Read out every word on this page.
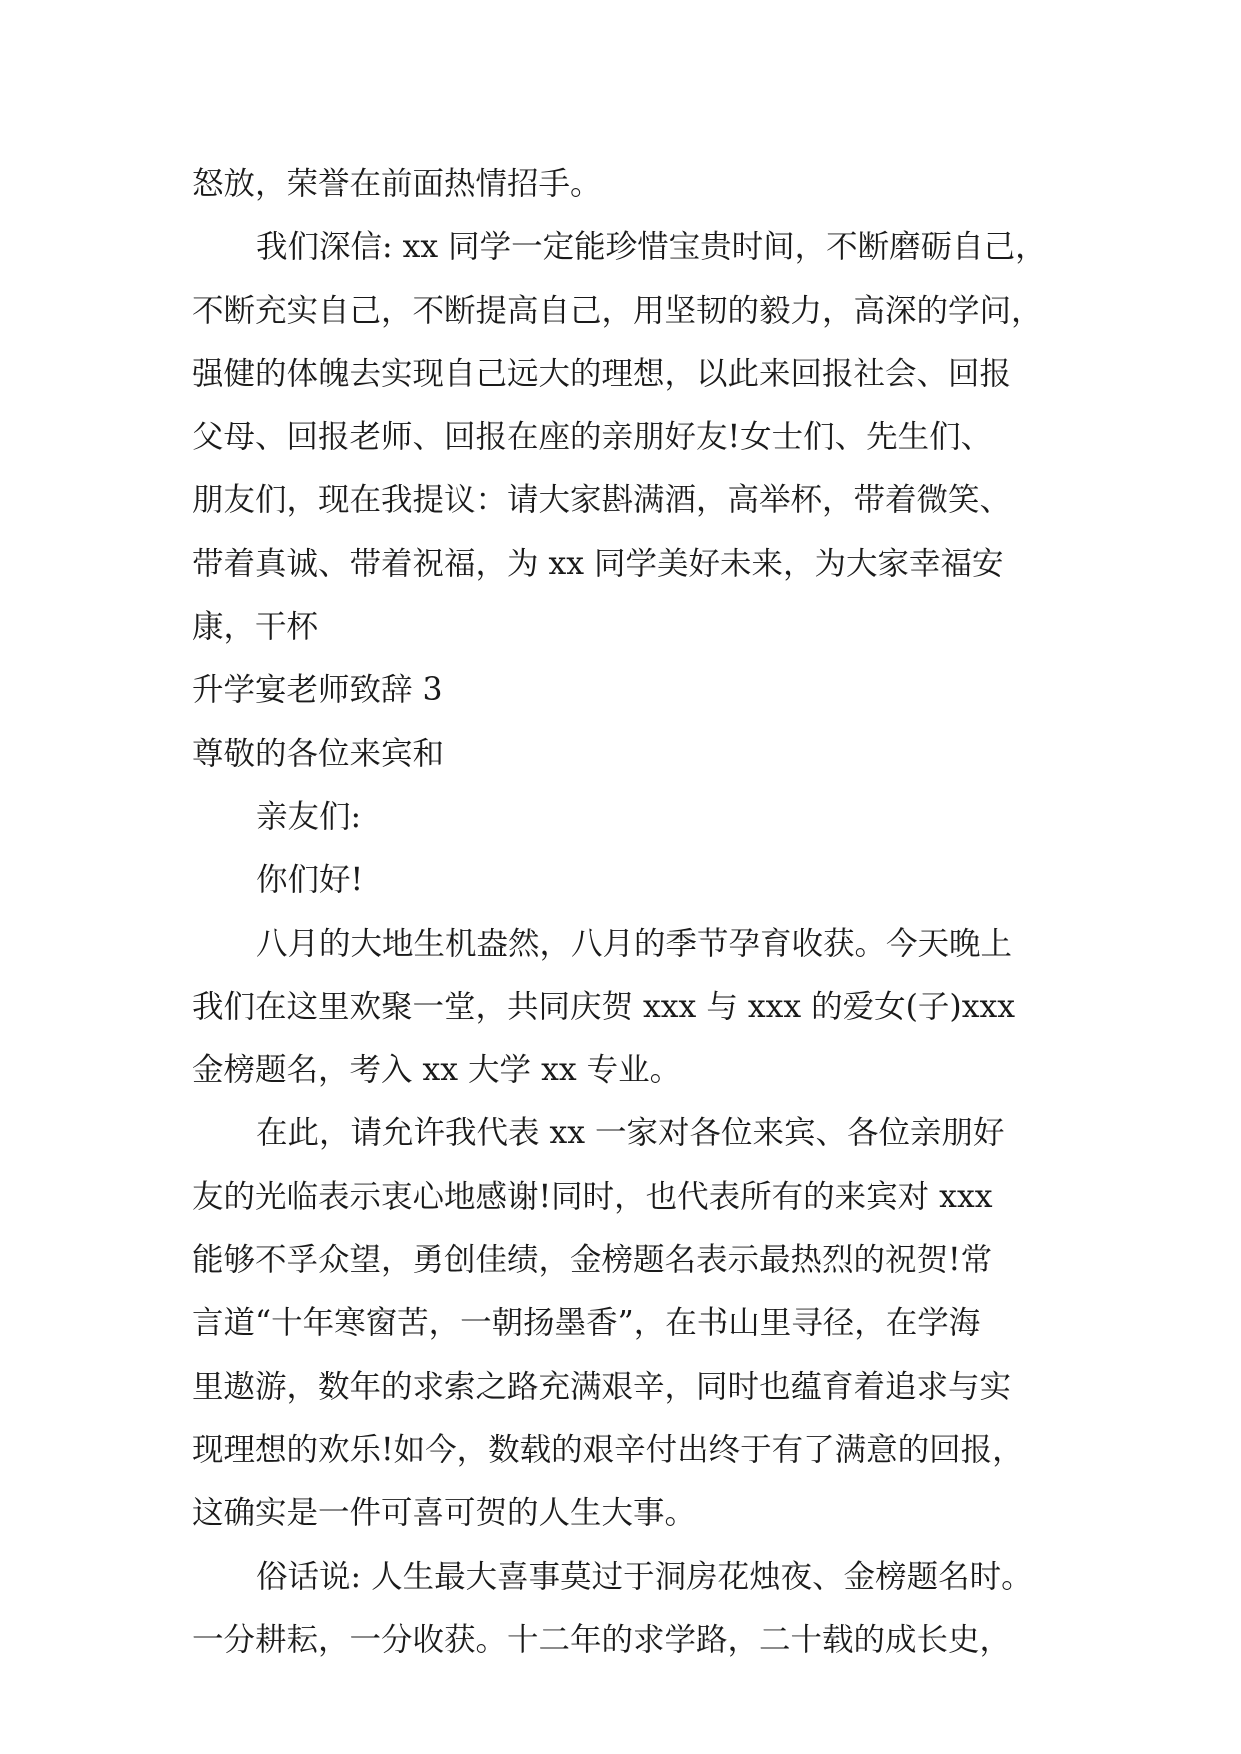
怒放，荣誉在前面热情招手。
我们深信: xx 同学一定能珍惜宝贵时间，不断磨砺自己，
不断充实自己，不断提高自己，用坚韧的毅力，高深的学问，
强健的体魄去实现自己远大的理想，以此来回报社会、回报
父母、回报老师、回报在座的亲朋好友!女士们、先生们、
朋友们，现在我提议：请大家斟满酒，高举杯，带着微笑、
带着真诚、带着祝福，为 xx 同学美好未来，为大家幸福安
康，干杯
升学宴老师致辞 3
尊敬的各位来宾和
亲友们:
你们好!
八月的大地生机盎然，八月的季节孕育收获。今天晚上
我们在这里欢聚一堂，共同庆贺 xxx 与 xxx 的爱女(子)xxx
金榜题名，考入 xx 大学 xx 专业。
在此，请允许我代表 xx 一家对各位来宾、各位亲朋好
友的光临表示衷心地感谢!同时，也代表所有的来宾对 xxx
能够不孚众望，勇创佳绩，金榜题名表示最热烈的祝贺!常
言道“十年寒窗苦，一朝扬墨香”，在书山里寻径，在学海
里遨游，数年的求索之路充满艰辛，同时也蕴育着追求与实
现理想的欢乐!如今，数载的艰辛付出终于有了满意的回报，
这确实是一件可喜可贺的人生大事。
俗话说: 人生最大喜事莫过于洞房花烛夜、金榜题名时。
一分耕耘，一分收获。十二年的求学路，二十载的成长史，
